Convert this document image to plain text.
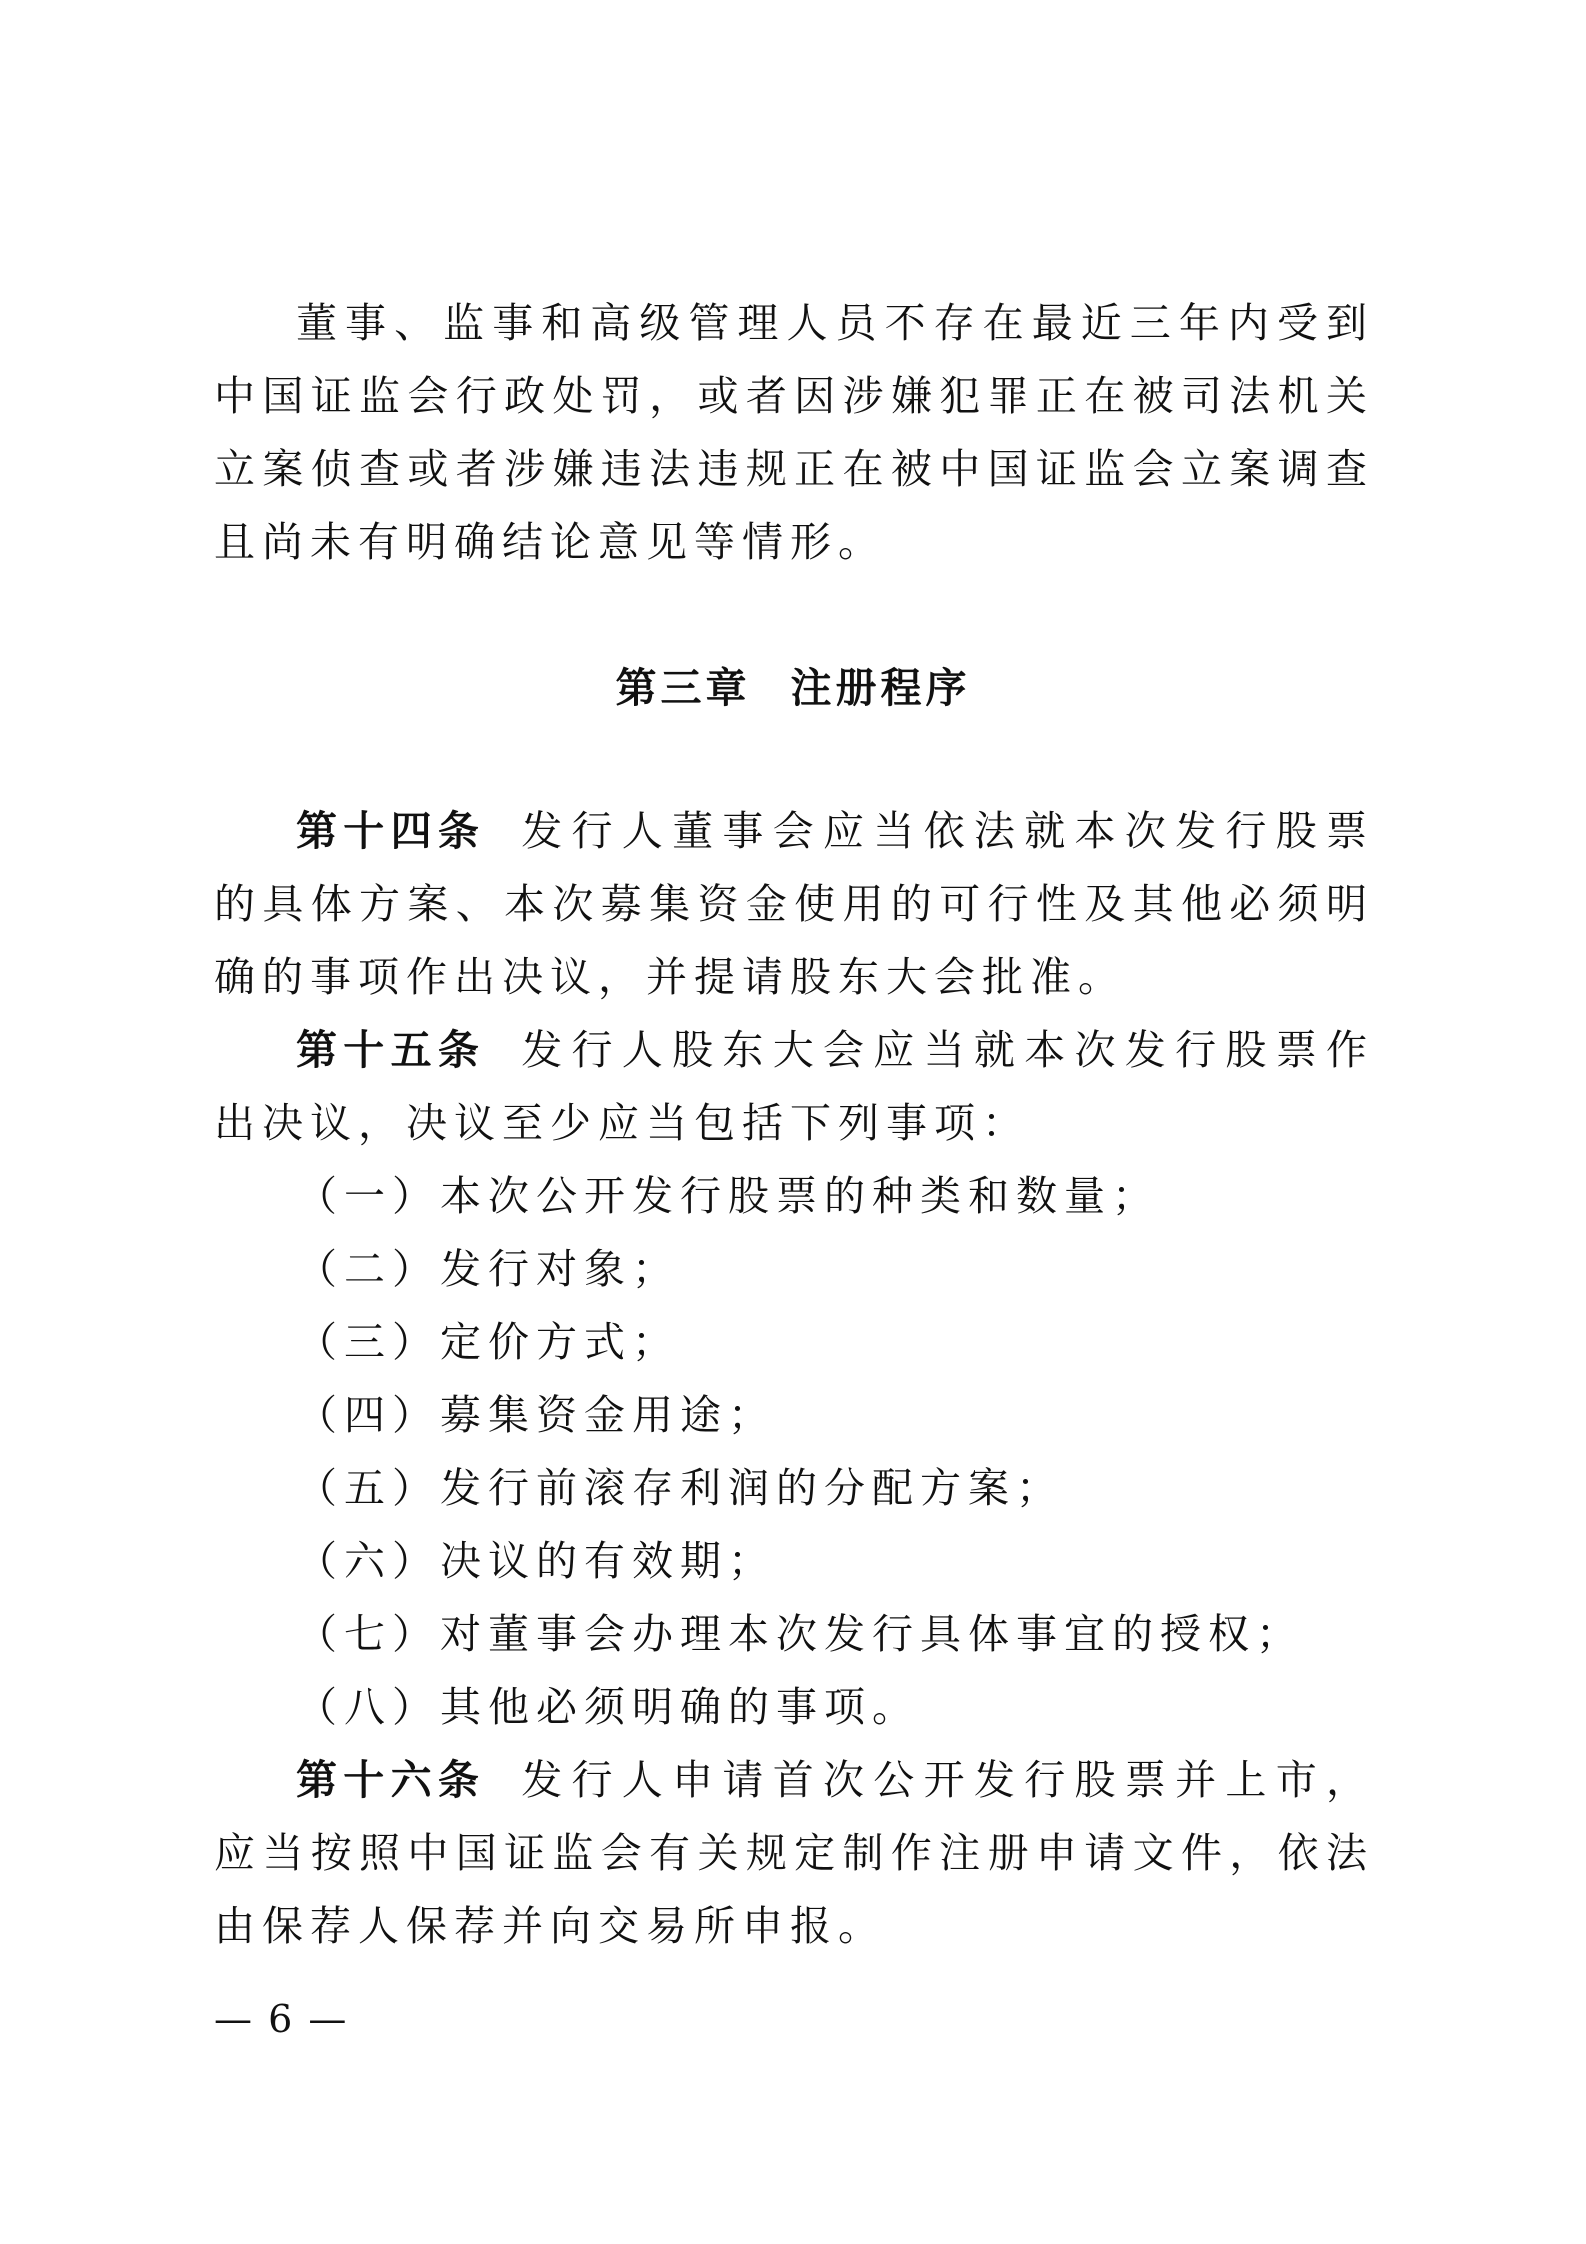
董事、监事和高级管理人员不存在最近三年内受到中国证监会行政处罚，或者因涉嫌犯罪正在被司法机关立案侦查或者涉嫌违法违规正在被中国证监会立案调查且尚未有明确结论意见等情形。

第三章 注册程序

第十四条 发行人董事会应当依法就本次发行股票的具体方案、本次募集资金使用的可行性及其他必须明确的事项作出决议，并提请股东大会批准。

第十五条 发行人股东大会应当就本次发行股票作出决议，决议至少应当包括下列事项：

（一）本次公开发行股票的种类和数量；

（二）发行对象；

（三）定价方式；

（四）募集资金用途；

（五）发行前滚存利润的分配方案；

（六）决议的有效期；

（七）对董事会办理本次发行具体事宜的授权；

（八）其他必须明确的事项。

第十六条 发行人申请首次公开发行股票并上市，应当按照中国证监会有关规定制作注册申请文件，依法由保荐人保荐并向交易所申报。

— 6 —
